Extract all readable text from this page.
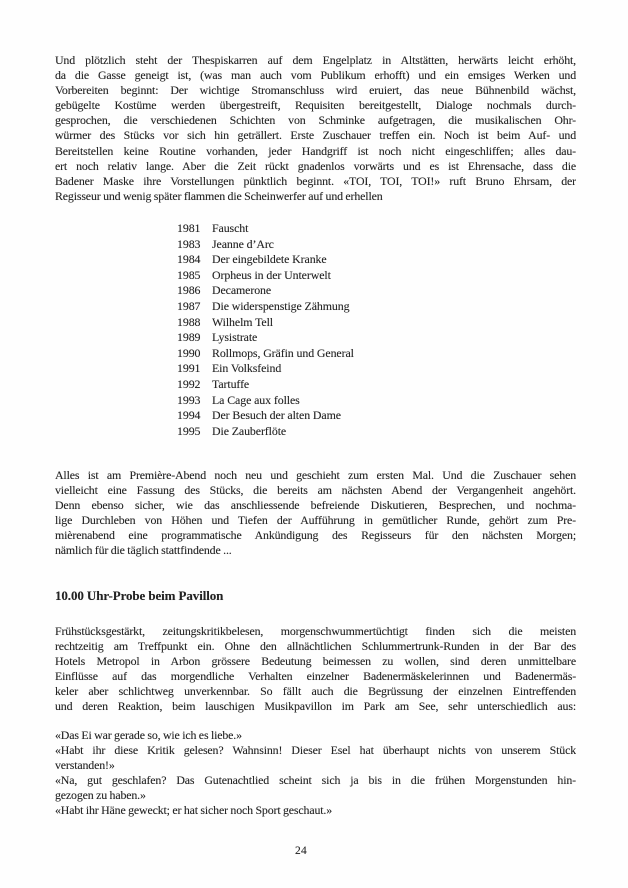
Und plötzlich steht der Thespiskarren auf dem Engelplatz in Altstätten, herwärts leicht erhöht,
da die Gasse geneigt ist, (was man auch vom Publikum erhofft) und ein emsiges Werken und
Vorbereiten beginnt: Der wichtige Stromanschluss wird eruiert, das neue Bühnenbild wächst,
gebügelte Kostüme werden übergestreift, Requisiten bereitgestellt, Dialoge nochmals durch-
gesprochen, die verschiedenen Schichten von Schminke aufgetragen, die musikalischen Ohr-
würmer des Stücks vor sich hin geträllert. Erste Zuschauer treffen ein. Noch ist beim Auf- und
Bereitstellen keine Routine vorhanden, jeder Handgriff ist noch nicht eingeschliffen; alles dau-
ert noch relativ lange. Aber die Zeit rückt gnadenlos vorwärts und es ist Ehrensache, dass die
Badener Maske ihre Vorstellungen pünktlich beginnt. «TOI, TOI, TOI!» ruft Bruno Ehrsam, der
Regisseur und wenig später flammen die Scheinwerfer auf und erhellen
1981 Fauscht
1983 Jeanne d’Arc
1984 Der eingebildete Kranke
1985 Orpheus in der Unterwelt
1986 Decamerone
1987 Die widerspenstige Zähmung
1988 Wilhelm Tell
1989 Lysistrate
1990 Rollmops, Gräfin und General
1991 Ein Volksfeind
1992 Tartuffe
1993 La Cage aux folles
1994 Der Besuch der alten Dame
1995 Die Zauberflöte
Alles ist am Première-Abend noch neu und geschieht zum ersten Mal. Und die Zuschauer sehen
vielleicht eine Fassung des Stücks, die bereits am nächsten Abend der Vergangenheit angehört.
Denn ebenso sicher, wie das anschliessende befreiende Diskutieren, Besprechen, und nochma-
lige Durchleben von Höhen und Tiefen der Aufführung in gemütlicher Runde, gehört zum Pre-
mièrenabend eine programmatische Ankündigung des Regisseurs für den nächsten Morgen;
nämlich für die täglich stattfindende ...
10.00 Uhr-Probe beim Pavillon
Frühstücksgestärkt, zeitungskritikbelesen, morgenschwummertüchtigt finden sich die meisten
rechtzeitig am Treffpunkt ein. Ohne den allnächtlichen Schlummertrunk-Runden in der Bar des
Hotels Metropol in Arbon grössere Bedeutung beimessen zu wollen, sind deren unmittelbare
Einflüsse auf das morgendliche Verhalten einzelner Badenermäskelerinnen und Badenermäs-
keler aber schlichtweg unverkennbar. So fällt auch die Begrüssung der einzelnen Eintreffenden
und deren Reaktion, beim lauschigen Musikpavillon im Park am See, sehr unterschiedlich aus:
«Das Ei war gerade so, wie ich es liebe.»
«Habt ihr diese Kritik gelesen? Wahnsinn! Dieser Esel hat überhaupt nichts von unserem Stück
verstanden!»
«Na, gut geschlafen? Das Gutenachtlied scheint sich ja bis in die frühen Morgenstunden hin-
gezogen zu haben.»
«Habt ihr Häne geweckt; er hat sicher noch Sport geschaut.»
24
